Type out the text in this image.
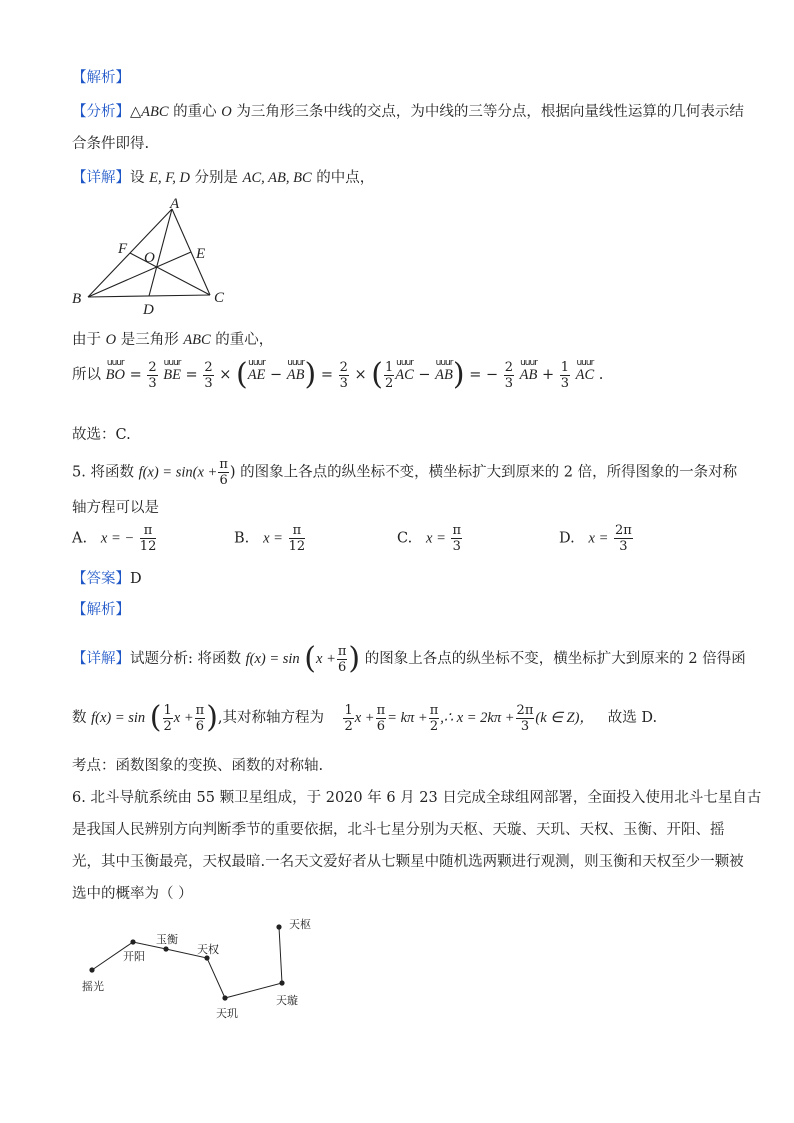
【解析】
【分析】△ABC 的重心 O 为三角形三条中线的交点，为中线的三等分点，根据向量线性运算的几何表示结
合条件即得.
【详解】设 E, F, D 分别是 AC, AB, BC 的中点，
A
B	C
D
E
F
O
由于 O 是三角形 ABC 的重心，
所以 uuur BO = $\frac{2}{3}$ uuur BE = $\frac{2}{3}$ × (uuur AE − uuur $AB) = \frac{2}{3}$ × ( $\frac{1}{2}$ uuur AC − uuur AB) = − $\frac{2}{3}$ uuur AB + $\frac{1}{3}$ uuur AC .
故选：C.
5. 将函数 $f(x) = \sin(x + \frac{\pi}{6}$ ) 的图象上各点的纵坐标不变，横坐标扩大到原来的 2 倍，所得图象的一条对称
轴方程可以是
A. x = − $\frac{\pi}{12}$	B. $x = \frac{\pi}{12}$	C. $x = \frac{\pi}{3}$	D. $x = \frac{2\pi}{3}$
【答案】D
【解析】
【详解】试题分析: 将函数 $f(x) = \sin (x + \frac{\pi}{6}$ ) 的图象上各点的纵坐标不变，横坐标扩大到原来的 2 倍得函
数 f(x) = sin ( $\frac{1}{2}$ $x + \frac{\pi}{6}$ ),其对称轴方程为 $\frac{1}{2}$ $x + \frac{\pi}{6} = k\pi + \frac{\pi}{2}$ ,∴ $x = 2k\pi + \frac{2\pi}{3} (k$ ∈ Z)， 故选 D.
考点：函数图象的变换、函数的对称轴.
6. 北斗导航系统由 55 颗卫星组成，于 2020 年 6 月 23 日完成全球组网部署，全面投入使用北斗七星自古
是我国人民辨别方向判断季节的重要依据，北斗七星分别为天枢、天璇、天玑、天权、玉衡、开阳、摇
光，其中玉衡最亮，天权最暗.一名天文爱好者从七颗星中随机选两颗进行观测，则玉衡和天权至少一颗被
选中的概率为（ ）
天枢
天璇
天玑
天权
玉衡
开阳
摇光
